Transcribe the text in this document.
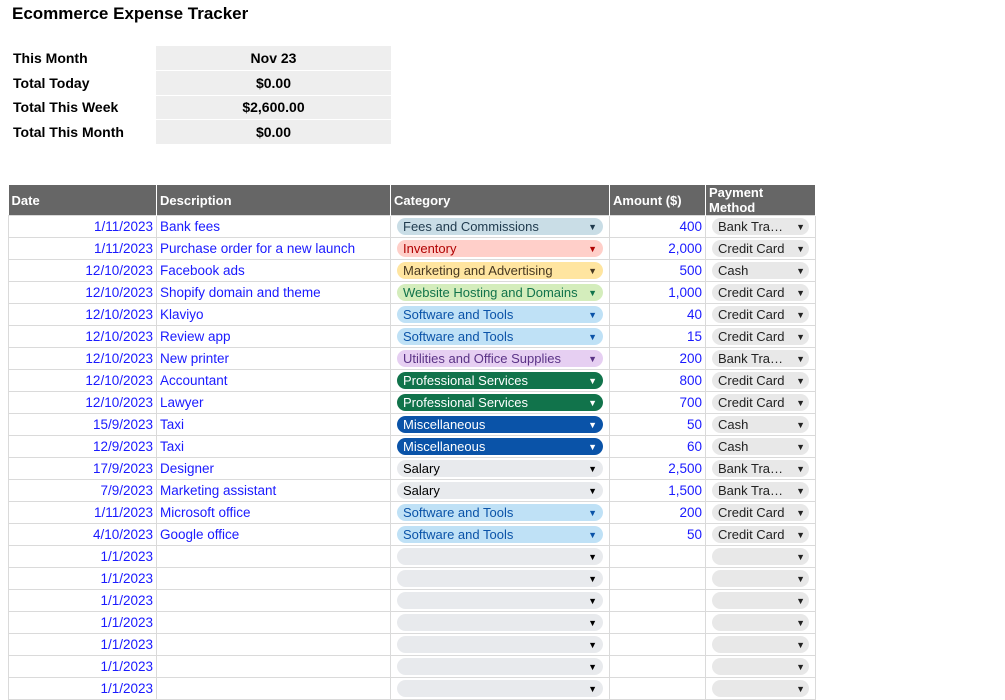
Ecommerce Expense Tracker
This Month	Nov 23
Total Today	$0.00
Total This Week	$2,600.00
Total This Month	$0.00
Date	Description	Category	Amount ($)	Payment Method
1/11/2023	Bank fees	Fees and Commissions ▼	400	Bank Tra… ▼

1/11/2023	Purchase order for a new launch	Inventory ▼	2,000	Credit Card ▼

12/10/2023	Facebook ads	Marketing and Advertising ▼	500	Cash ▼

12/10/2023	Shopify domain and theme	Website Hosting and Domains ▼	1,000	Credit Card ▼

12/10/2023	Klaviyo	Software and Tools ▼	40	Credit Card ▼

12/10/2023	Review app	Software and Tools ▼	15	Credit Card ▼

12/10/2023	New printer	Utilities and Office Supplies ▼	200	Bank Tra… ▼

12/10/2023	Accountant	Professional Services ▼	800	Credit Card ▼

12/10/2023	Lawyer	Professional Services ▼	700	Credit Card ▼

15/9/2023	Taxi	Miscellaneous ▼	50	Cash ▼

12/9/2023	Taxi	Miscellaneous ▼	60	Cash ▼

17/9/2023	Designer	Salary ▼	2,500	Bank Tra… ▼

7/9/2023	Marketing assistant	Salary ▼	1,500	Bank Tra… ▼

1/11/2023	Microsoft office	Software and Tools ▼	200	Credit Card ▼

4/10/2023	Google office	Software and Tools ▼	50	Credit Card ▼

1/1/2023		▼		▼

1/1/2023		▼		▼

1/1/2023		▼		▼

1/1/2023		▼		▼

1/1/2023		▼		▼

1/1/2023		▼		▼

1/1/2023		▼		▼
